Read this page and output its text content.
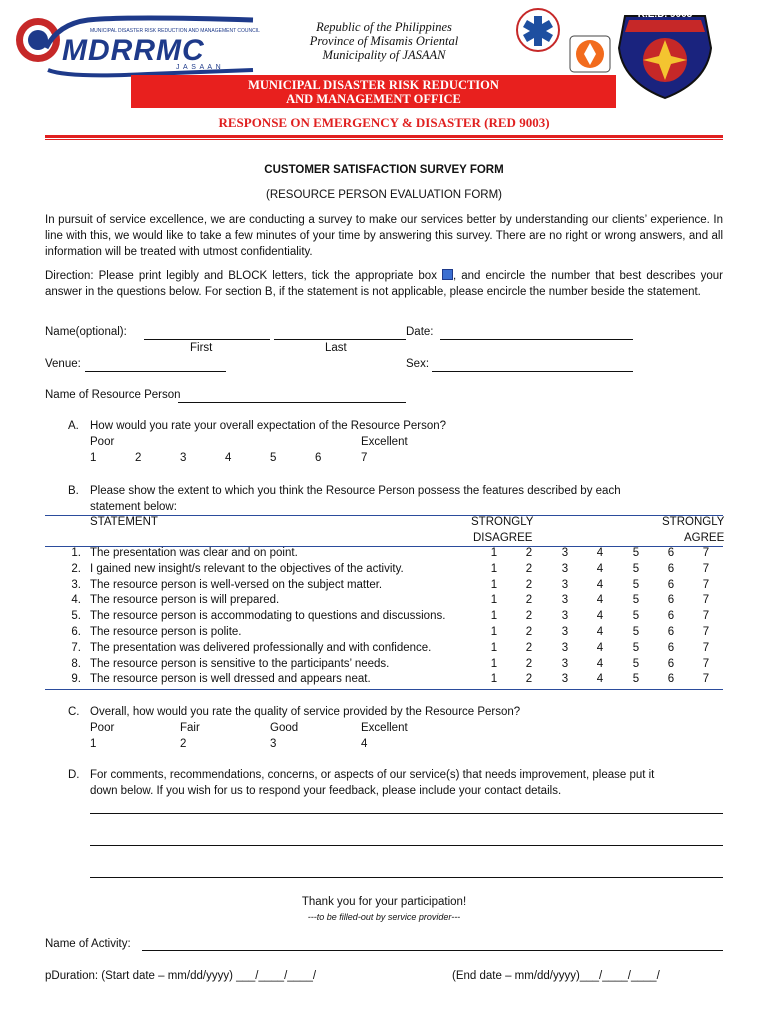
MUNICIPAL DISASTER RISK REDUCTION AND MANAGEMENT COUNCIL
MDRRMC
J A S A A N
Republic of the Philippines
Province of Misamis Oriental
Municipality of JASAAN
R.E.D. 9003
MUNICIPAL DISASTER RISK REDUCTION
AND MANAGEMENT OFFICE
RESPONSE ON EMERGENCY & DISASTER (RED 9003)
CUSTOMER SATISFACTION SURVEY FORM
(RESOURCE PERSON EVALUATION FORM)
In pursuit of service excellence, we are conducting a survey to make our services better by understanding our clients’ experience. In line with this, we would like to take a few minutes of your time by answering this survey. There are no right or wrong answers, and all information will be treated with utmost confidentiality.
Direction: Please print legibly and BLOCK letters, tick the appropriate box , and encircle the number that best describes your answer in the questions below. For section B, if the statement is not applicable, please encircle the number beside the statement.
Name(optional):	Date:
First	Last
Venue:	Sex:
Name of Resource Person
A. How would you rate your overall expectation of the Resource Person?
Poor	Excellent
1	2	3	4	5	6	7
B. Please show the extent to which you think the Resource Person possess the features described by each
statement below:
STATEMENT	STRONGLY
DISAGREE
STRONGLY
AGREE
1. The presentation was clear and on point.	1 2	3 4	5 6 7
2. I gained new insight/s relevant to the objectives of the activity.	1 2	3 4	5 6 7
3. The resource person is well-versed on the subject matter.	1 2	3 4	5 6 7
4. The resource person is will prepared.	1 2	3 4	5 6 7
5. The resource person is accommodating to questions and discussions.	1 2	3 4	5 6 7
6. The resource person is polite.	1 2	3 4	5 6 7
7. The presentation was delivered professionally and with confidence.	1 2	3 4	5 6 7
8. The resource person is sensitive to the participants’ needs.	1 2	3 4	5 6 7
9. The resource person is well dressed and appears neat.	1 2	3 4	5 6 7
C. Overall, how would you rate the quality of service provided by the Resource Person?
Poor	Fair	Good	Excellent
1	2	3	4
D. For comments, recommendations, concerns, or aspects of our service(s) that needs improvement, please put it
down below. If you wish for us to respond your feedback, please include your contact details.
Thank you for your participation!
---to be filled-out by service provider---
Name of Activity:
pDuration: (Start date – mm/dd/yyyy) ___/____/____/	(End date – mm/dd/yyyy)___/____/____/
